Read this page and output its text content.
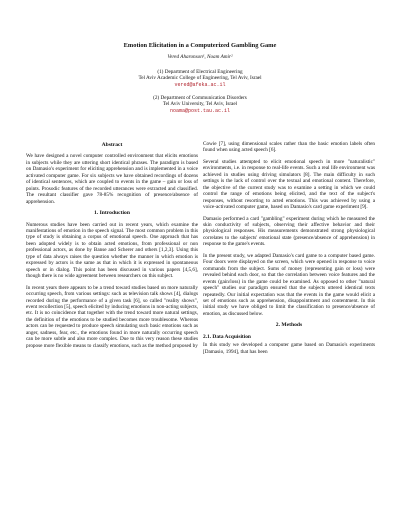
Emotion Elicitation in a Computerized Gambling Game
Vered Aharonson¹, Noam Amir²
(1) Department of Electrical Engineering
Tel Aviv Academic College of Engineering, Tel Aviv, Israel
vered@afeka.ac.il
(2) Department of Communication Disorders
Tel Aviv University, Tel Aviv, Israel
noama@post.tau.ac.il
Abstract

We have designed a novel computer controlled environment that elicits emotions in subjects while they are uttering short identical phrases. The paradigm is based on Damasio's experiment for eliciting apprehension and is implemented in a voice activated computer game. For six subjects we have obtained recordings of dozens of identical sentences, which are coupled to events in the game – gain or loss of points. Prosodic features of the recorded utterances were extracted and classified. The resultant classifier gave 78-85% recognition of presence/absence of apprehension.

1. Introduction

Numerous studies have been carried out in recent years, which examine the manifestations of emotion in the speech signal. The most common problem in this type of study is obtaining a corpus of emotional speech. One approach that has been adopted widely is to obtain acted emotions, from professional or non professional actors, as done by Banse and Scherer and others [1,2,3]. Using this type of data always raises the question whether the manner in which emotion is expressed by actors is the same as that in which it is expressed in spontaneous speech or in dialog. This point has been discussed in various papers [4,5,6], though there is no wide agreement between researchers on this subject.

In recent years there appears to be a trend toward studies based on more naturally occurring speech, from various settings: such as television talk shows [4], dialogs recorded during the performance of a given task [6], so called "reality shows", event recollection [5], speech elicited by inducing emotions in non-acting subjects, etc. It is no coincidence that together with the trend toward more natural settings, the definition of the emotions to be studied becomes more troublesome. Whereas actors can be requested to produce speech simulating such basic emotions such as anger, sadness, fear, etc., the emotions found in more naturally occurring speech can be more subtle and also more complex. Due to this very reason these studies propose more flexible means to classify emotions, such as the method proposed by

Cowie [7], using dimensional scales rather than the basic emotion labels often found when using acted speech [6].

Several studies attempted to elicit emotional speech in more "naturalistic" environments, i.e. in response to real-life events. Such a real life environment was achieved in studies using driving simulators [8]. The main difficulty in such settings is the lack of control over the textual and emotional content. Therefore, the objective of the current study was to examine a setting in which we could control the range of emotions being elicited, and the text of the subject's responses, without resorting to acted emotions. This was achieved by using a voice-activated computer game, based on Damasio's card game experiment [9].

Damasio performed a card "gambling" experiment during which he measured the skin conductivity of subjects, observing their affective behavior and their physiological responses. His measurements demonstrated strong physiological correlates to the subjects' emotional state (presence/absence of apprehension) in response to the game's events.

In the present study, we adapted Damasio's card game to a computer based game. Four doors were displayed on the screen, which were opened in response to voice commands from the subject. Sums of money (representing gain or loss) were revealed behind each door, so that the correlation between voice features and the events (gain/loss) in the game could be examined. As opposed to other "natural speech" studies our paradigm ensured that the subjects uttered identical texts repeatedly. Our initial expectation was that the events in the game would elicit a set of emotions such as apprehension, disappointment and contentment. In this initial study we have obliged to limit the classification to presence/absence of emotion, as discussed below.

2. Methods
2.1. Data Acquisition

In this study we developed a computer game based on Damasio's experiments [Damasio, 1994], that has been
